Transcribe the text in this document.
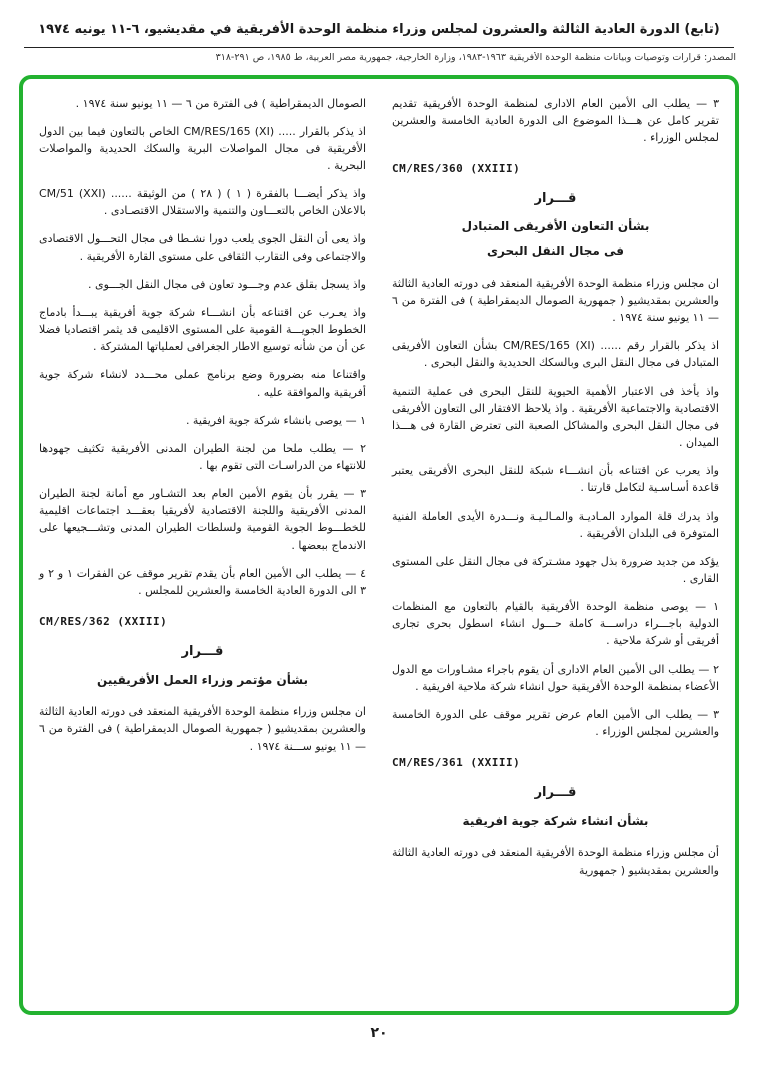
(تابع) الدورة العادية الثالثة والعشرون لمجلس وزراء منظمة الوحدة الأفريقية في مقديشيو، ٦-١١ يونيه ١٩٧٤
المصدر: قرارات وتوصيات وبيانات منظمة الوحدة الأفريقية ١٩٦٣-١٩٨٣، وزارة الخارجية، جمهورية مصر العربية، ط ١٩٨٥، ص ٢٩١-٣١٨
٣ — يطلب الى الأمين العام الادارى لمنظمة الوحدة الأفريقية تقديم تقرير كامل عن هـــذا الموضوع الى الدورة العادية الخامسة والعشرين لمجلس الوزراء .
CM/RES/360 (XXIII)
قـــرار
بشأن التعاون الأفريقى المتبادل
فى مجال النقل البحرى
ان مجلس وزراء منظمة الوحدة الأفريقية المنعقد فى دورته العادية الثالثة والعشرين بمقديشيو ( جمهورية الصومال الديمقراطية ) فى الفترة من ٦ — ١١ يونيو سنة ١٩٧٤ .
اذ يذكر بالقرار رقم ...... CM/RES/165 (XI) بشأن التعاون الأفريقى المتبادل فى مجال النقل البرى وبالسكك الحديدية والنقل البحرى .
واذ يأخذ فى الاعتبار الأهمية الحيوية للنقل البحرى فى عملية التنمية الاقتصادية والاجتماعية الأفريقية . واذ يلاحظ الافتقار الى التعاون الأفريقى فى مجال النقل البحرى والمشاكل الصعبة التى تعترض القارة فى هـــذا الميدان .
واذ يعرب عن اقتناعه بأن انشـــاء شبكة للنقل البحرى الأفريقى يعتبر قاعدة أسـاسـية لتكامل قارتنا .
واذ يدرك قلة الموارد المـاديـة والمـالـيـة ونـــدرة الأيدى العاملة الفنية المتوفرة فى البلدان الأفريقية .
يؤكد من جديد ضرورة بذل جهود مشـتركة فى مجال النقل على المستوى القارى .
١ — يوصى منظمة الوحدة الأفريقية بالقيام بالتعاون مع المنظمات الدولية باجـــراء دراســـة كاملة حـــول انشاء اسطول بحرى تجارى أفريقى أو شركة ملاحية .
٢ — يطلب الى الأمين العام الادارى أن يقوم باجراء مشـاورات مع الدول الأعضاء بمنظمة الوحدة الأفريقية حول انشاء شركة ملاحية افريقية .
٣ — يطلب الى الأمين العام عرض تقرير موقف على الدورة الخامسة والعشرين لمجلس الوزراء .
CM/RES/361 (XXIII)
قـــرار
بشأن انشاء شركة جوية افريقية
أن مجلس وزراء منظمة الوحدة الأفريقية المنعقد فى دورته العادية الثالثة والعشرين بمقديشيو ( جمهورية
الصومال الديمقراطية ) فى الفترة من ٦ — ١١ يونيو سنة ١٩٧٤ .
اذ يذكر بالقرار ..... CM/RES/165 (XI) الخاص بالتعاون فيما بين الدول الأفريقية فى مجال المواصلات البرية والسكك الحديدية والمواصلات البحرية .
واذ يذكر أيضـــا بالفقرة ( ١ ) ( ٢٨ ) من الوثيقة ...... CM/51 (XXI) بالاعلان الخاص بالتعـــاون والتنمية والاستقلال الاقتصـادى .
واذ يعى أن النقل الجوى يلعب دورا نشـطا فى مجال التحـــول الاقتصادى والاجتماعى وفى التقارب الثقافى على مستوى القارة الأفريقية .
واذ يسجل بقلق عدم وجـــود تعاون فى مجال النقل الجـــوى .
واذ يعـرب عن اقتناعه بأن انشـــاء شركة جوية أفريقية يبـــدأ بادماج الخطوط الجويـــة القومية على المستوى الاقليمى قد يثمر اقتصاديا فضلا عن أن من شأنه توسيع الاطار الجغرافى لعملياتها المشتركة .
واقتناعا منه بضرورة وضع برنامج عملى محـــدد لانشاء شركة جوية أفريقية والموافقة عليه .
١ — يوصى بانشاء شركة جوية افريقية .
٢ — يطلب ملحا من لجنة الطيران المدنى الأفريقية تكثيف جهودها للانتهاء من الدراسـات التى تقوم بها .
٣ — يقرر بأن يقوم الأمين العام بعد التشـاور مع أمانة لجنة الطيران المدنى الأفريقية واللجنة الاقتصادية لأفريقيا بعقـــد اجتماعات اقليمية للخطـــوط الجوية القومية ولسلطات الطيران المدنى وتشـــجيعها على الاندماج ببعضها .
٤ — يطلب الى الأمين العام بأن يقدم تقرير موقف عن الفقرات ١ و ٢ و ٣ الى الدورة العادية الخامسة والعشرين للمجلس .
CM/RES/362 (XXIII)
قـــرار
بشأن مؤتمر وزراء العمل الأفريقيين
ان مجلس وزراء منظمة الوحدة الأفريقية المنعقد فى دورته العادية الثالثة والعشرين بمقديشيو ( جمهورية الصومال الديمقراطية ) فى الفترة من ٦ — ١١ يونيو ســـنة ١٩٧٤ .
٢٠
